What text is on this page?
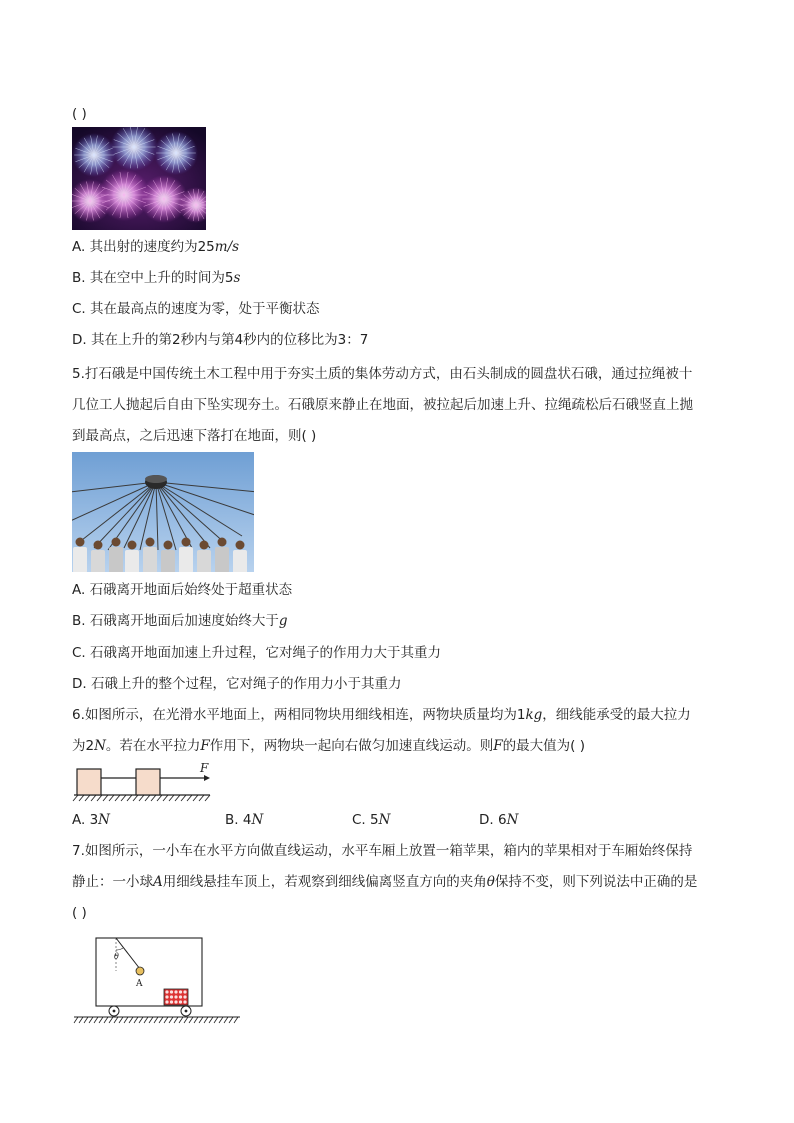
( )
A. 其出射的速度约为25m/s
B. 其在空中上升的时间为5s
C. 其在最高点的速度为零，处于平衡状态
D. 其在上升的第2秒内与第4秒内的位移比为3：7
5.打石硪是中国传统土木工程中用于夯实土质的集体劳动方式，由石头制成的圆盘状石硪，通过拉绳被十
几位工人抛起后自由下坠实现夯土。石硪原来静止在地面，被拉起后加速上升、拉绳疏松后石硪竖直上抛
到最高点，之后迅速下落打在地面，则( )
A. 石硪离开地面后始终处于超重状态
B. 石硪离开地面后加速度始终大于g
C. 石硪离开地面加速上升过程，它对绳子的作用力大于其重力
D. 石硪上升的整个过程，它对绳子的作用力小于其重力
6.如图所示，在光滑水平地面上，两相同物块用细线相连，两物块质量均为1kg，细线能承受的最大拉力
为2N。若在水平拉力F作用下，两物块一起向右做匀加速直线运动。则F的最大值为( )
F
A. 3N	B. 4N	C. 5N	D. 6N
7.如图所示，一小车在水平方向做直线运动，水平车厢上放置一箱苹果，箱内的苹果相对于车厢始终保持
静止：一小球A用细线悬挂车顶上，若观察到细线偏离竖直方向的夹角θ保持不变，则下列说法中正确的是
( )
θ
A
